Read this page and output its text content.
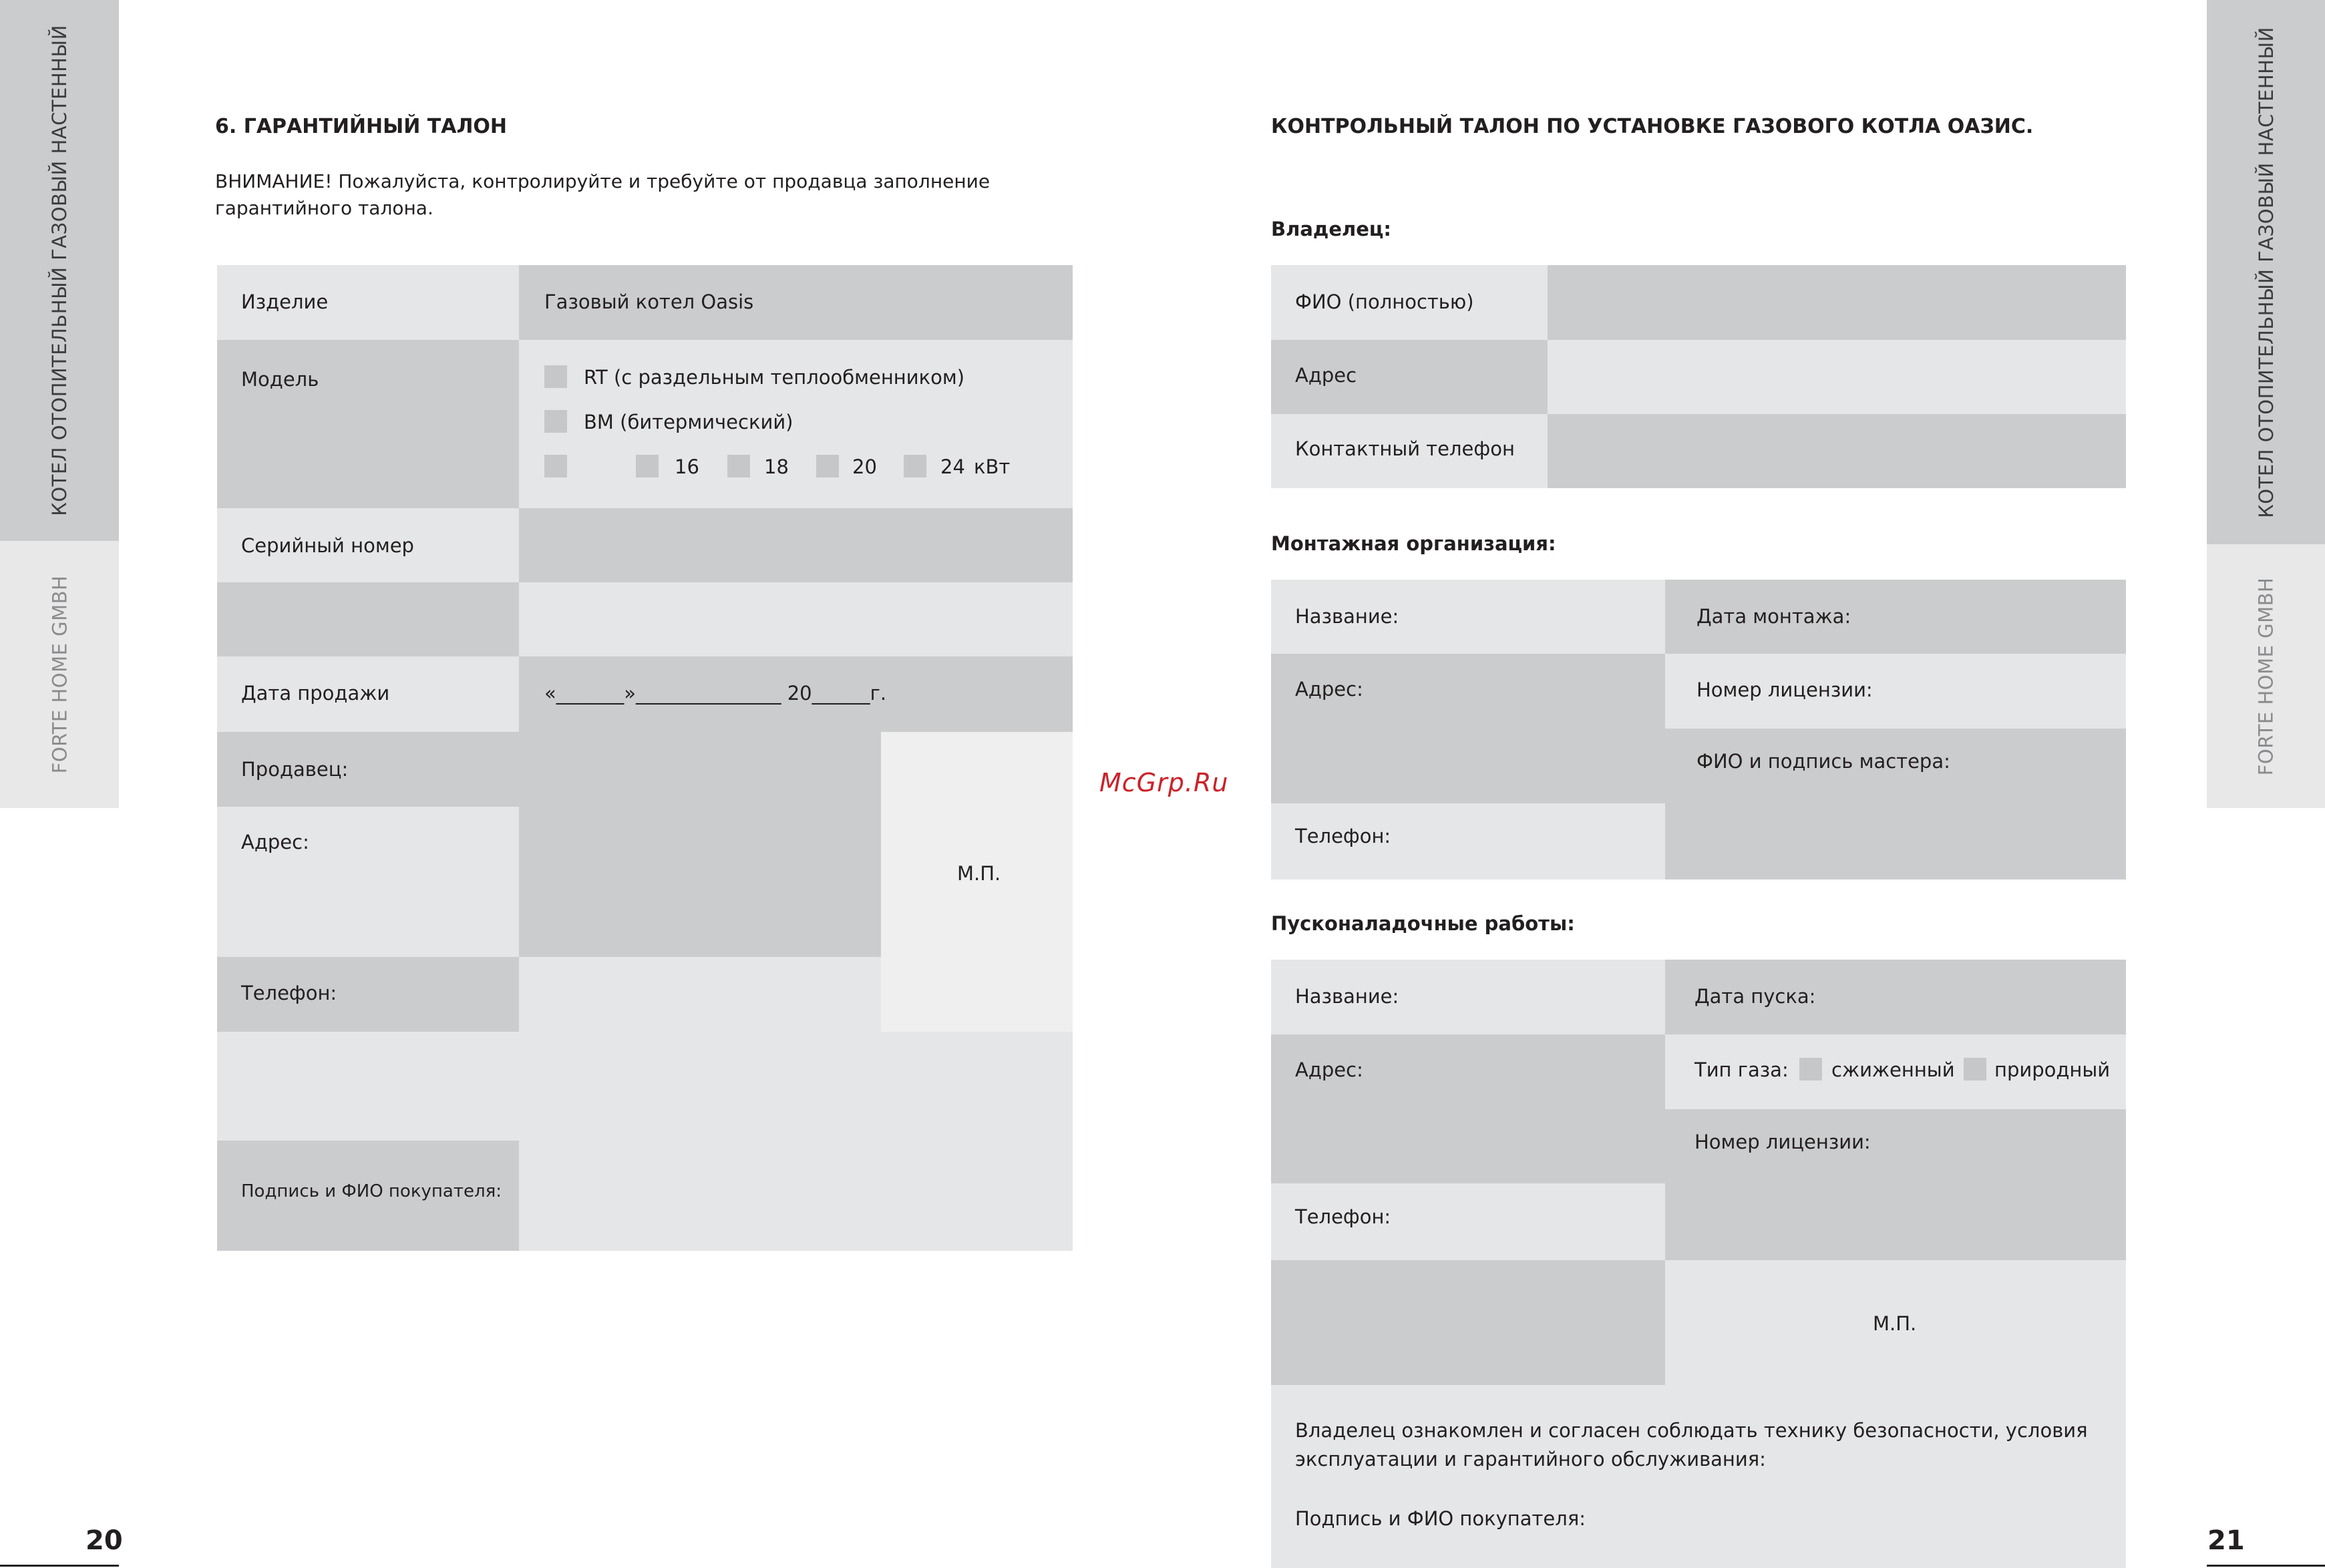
КОТЕЛ ОТОПИТЕЛЬНЫЙ ГАЗОВЫЙ НАСТЕННЫЙ
FORTE HOME GMBH
КОТЕЛ ОТОПИТЕЛЬНЫЙ ГАЗОВЫЙ НАСТЕННЫЙ
FORTE HOME GMBH
6. ГАРАНТИЙНЫЙ ТАЛОН
ВНИМАНИЕ! Пожалуйста, контролируйте и требуйте от продавца заполнение
гарантийного талона.
Изделие	Газовый котел Oasis
Модель	RT (с раздельным теплообменником)
BM (битермический)
16	18	20	24 кВт
Серийный номер
Дата продажи	«_______»_______________ 20______г.
Продавец:
Адрес:
Телефон:
М.П.
Подпись и ФИО покупателя:
20
McGrp.Ru
КОНТРОЛЬНЫЙ ТАЛОН ПО УСТАНОВКЕ ГАЗОВОГО КОТЛА ОАЗИС.
Владелец:
ФИО (полностью)
Адрес
Контактный телефон
Монтажная организация:
Название:	Дата монтажа:
Адрес:	Номер лицензии:
ФИО и подпись мастера:
Телефон:
Пусконаладочные работы:
Название:	Дата пуска:
Адрес:	Тип газа: сжиженный природный
Номер лицензии:
Телефон:
М.П.
Владелец ознакомлен и согласен соблюдать технику безопасности, условия
эксплуатации и гарантийного обслуживания:
Подпись и ФИО покупателя:
21
